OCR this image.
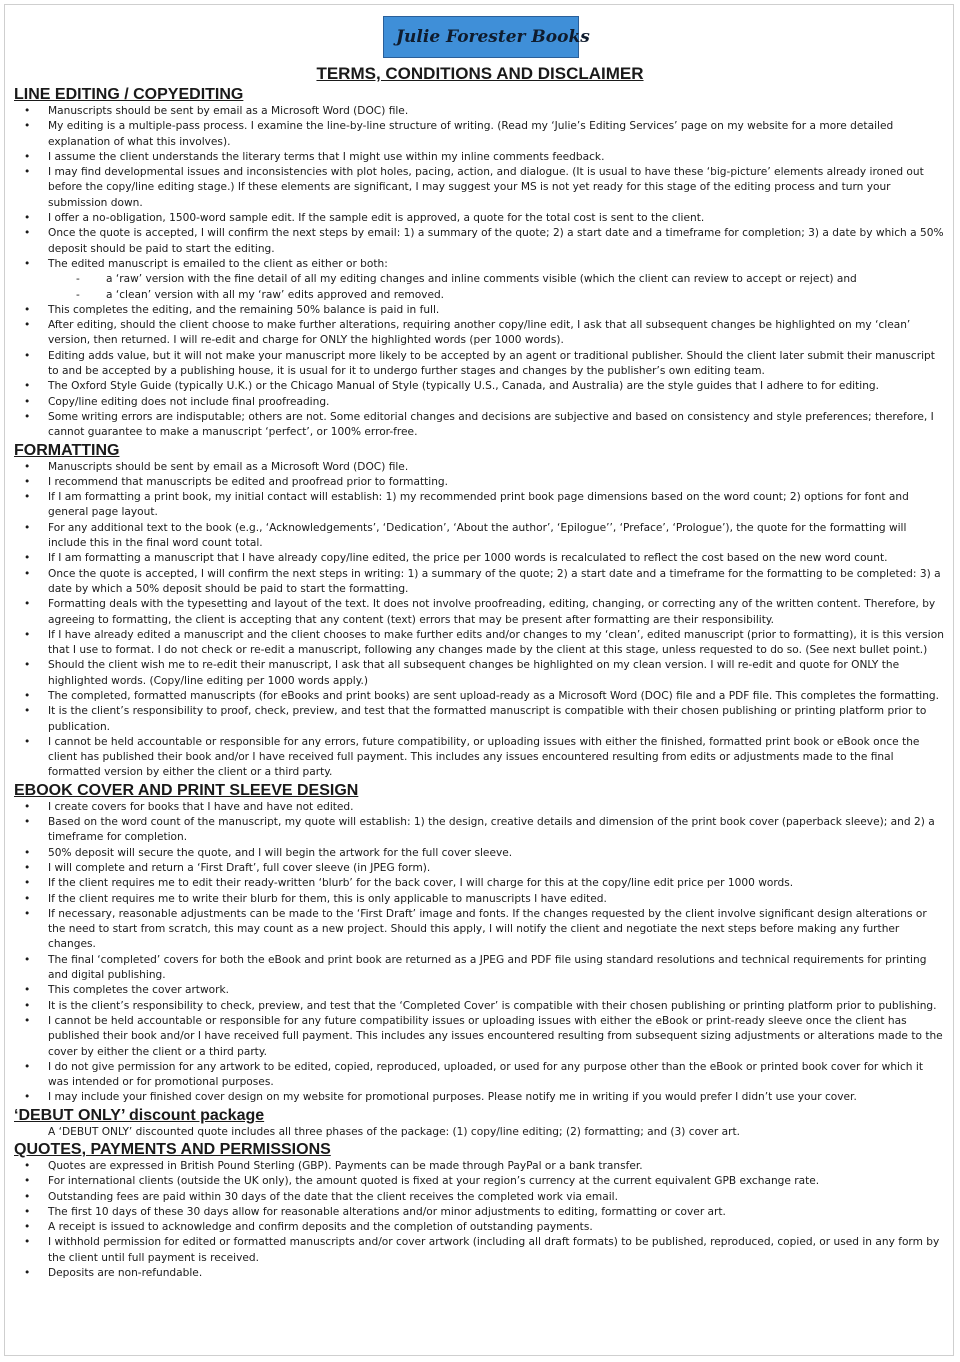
Julie Forester Books
TERMS, CONDITIONS AND DISCLAIMER
LINE EDITING / COPYEDITING
• Manuscripts should be sent by email as a Microsoft Word (DOC) file.
• My editing is a multiple-pass process. I examine the line-by-line structure of writing. (Read my ‘Julie’s Editing Services’ page on my website for a more detailed explanation of what this involves).
• I assume the client understands the literary terms that I might use within my inline comments feedback.
• I may find developmental issues and inconsistencies with plot holes, pacing, action, and dialogue. (It is usual to have these ‘big-picture’ elements already ironed out before the copy/line editing stage.) If these elements are significant, I may suggest your MS is not yet ready for this stage of the editing process and turn your submission down.
• I offer a no-obligation, 1500-word sample edit. If the sample edit is approved, a quote for the total cost is sent to the client.
• Once the quote is accepted, I will confirm the next steps by email: 1) a summary of the quote; 2) a start date and a timeframe for completion; 3) a date by which a 50% deposit should be paid to start the editing.
• The edited manuscript is emailed to the client as either or both:
- a ‘raw’ version with the fine detail of all my editing changes and inline comments visible (which the client can review to accept or reject) and
- a ‘clean’ version with all my ‘raw’ edits approved and removed.
• This completes the editing, and the remaining 50% balance is paid in full.
• After editing, should the client choose to make further alterations, requiring another copy/line edit, I ask that all subsequent changes be highlighted on my ‘clean’ version, then returned. I will re-edit and charge for ONLY the highlighted words (per 1000 words).
• Editing adds value, but it will not make your manuscript more likely to be accepted by an agent or traditional publisher. Should the client later submit their manuscript to and be accepted by a publishing house, it is usual for it to undergo further stages and changes by the publisher’s own editing team.
• The Oxford Style Guide (typically U.K.) or the Chicago Manual of Style (typically U.S., Canada, and Australia) are the style guides that I adhere to for editing.
• Copy/line editing does not include final proofreading.
• Some writing errors are indisputable; others are not. Some editorial changes and decisions are subjective and based on consistency and style preferences; therefore, I cannot guarantee to make a manuscript ‘perfect’, or 100% error-free.
FORMATTING
• Manuscripts should be sent by email as a Microsoft Word (DOC) file.
• I recommend that manuscripts be edited and proofread prior to formatting.
• If I am formatting a print book, my initial contact will establish: 1) my recommended print book page dimensions based on the word count; 2) options for font and general page layout.
• For any additional text to the book (e.g., ‘Acknowledgements’, ‘Dedication’, ‘About the author’, ‘Epilogue’’, ‘Preface’, ‘Prologue’), the quote for the formatting will include this in the final word count total.
• If I am formatting a manuscript that I have already copy/line edited, the price per 1000 words is recalculated to reflect the cost based on the new word count.
• Once the quote is accepted, I will confirm the next steps in writing: 1) a summary of the quote; 2) a start date and a timeframe for the formatting to be completed: 3) a date by which a 50% deposit should be paid to start the formatting.
• Formatting deals with the typesetting and layout of the text. It does not involve proofreading, editing, changing, or correcting any of the written content. Therefore, by agreeing to formatting, the client is accepting that any content (text) errors that may be present after formatting are their responsibility.
• If I have already edited a manuscript and the client chooses to make further edits and/or changes to my ‘clean’, edited manuscript (prior to formatting), it is this version that I use to format. I do not check or re-edit a manuscript, following any changes made by the client at this stage, unless requested to do so. (See next bullet point.)
• Should the client wish me to re-edit their manuscript, I ask that all subsequent changes be highlighted on my clean version. I will re-edit and quote for ONLY the highlighted words. (Copy/line editing per 1000 words apply.)
• The completed, formatted manuscripts (for eBooks and print books) are sent upload-ready as a Microsoft Word (DOC) file and a PDF file. This completes the formatting.
• It is the client’s responsibility to proof, check, preview, and test that the formatted manuscript is compatible with their chosen publishing or printing platform prior to publication.
• I cannot be held accountable or responsible for any errors, future compatibility, or uploading issues with either the finished, formatted print book or eBook once the client has published their book and/or I have received full payment. This includes any issues encountered resulting from edits or adjustments made to the final formatted version by either the client or a third party.
EBOOK COVER AND PRINT SLEEVE DESIGN
• I create covers for books that I have and have not edited.
• Based on the word count of the manuscript, my quote will establish: 1) the design, creative details and dimension of the print book cover (paperback sleeve); and 2) a timeframe for completion.
• 50% deposit will secure the quote, and I will begin the artwork for the full cover sleeve.
• I will complete and return a ‘First Draft’, full cover sleeve (in JPEG form).
• If the client requires me to edit their ready-written ‘blurb’ for the back cover, I will charge for this at the copy/line edit price per 1000 words.
• If the client requires me to write their blurb for them, this is only applicable to manuscripts I have edited.
• If necessary, reasonable adjustments can be made to the ‘First Draft’ image and fonts. If the changes requested by the client involve significant design alterations or the need to start from scratch, this may count as a new project. Should this apply, I will notify the client and negotiate the next steps before making any further changes.
• The final ‘completed’ covers for both the eBook and print book are returned as a JPEG and PDF file using standard resolutions and technical requirements for printing and digital publishing.
• This completes the cover artwork.
• It is the client’s responsibility to check, preview, and test that the ‘Completed Cover’ is compatible with their chosen publishing or printing platform prior to publishing.
• I cannot be held accountable or responsible for any future compatibility issues or uploading issues with either the eBook or print-ready sleeve once the client has published their book and/or I have received full payment. This includes any issues encountered resulting from subsequent sizing adjustments or alterations made to the cover by either the client or a third party.
• I do not give permission for any artwork to be edited, copied, reproduced, uploaded, or used for any purpose other than the eBook or printed book cover for which it was intended or for promotional purposes.
• I may include your finished cover design on my website for promotional purposes. Please notify me in writing if you would prefer I didn’t use your cover.
‘DEBUT ONLY’ discount package

A ‘DEBUT ONLY’ discounted quote includes all three phases of the package: (1) copy/line editing; (2) formatting; and (3) cover art.

QUOTES, PAYMENTS AND PERMISSIONS
• Quotes are expressed in British Pound Sterling (GBP). Payments can be made through PayPal or a bank transfer.
• For international clients (outside the UK only), the amount quoted is fixed at your region’s currency at the current equivalent GPB exchange rate.
• Outstanding fees are paid within 30 days of the date that the client receives the completed work via email.
• The first 10 days of these 30 days allow for reasonable alterations and/or minor adjustments to editing, formatting or cover art.
• A receipt is issued to acknowledge and confirm deposits and the completion of outstanding payments.
• I withhold permission for edited or formatted manuscripts and/or cover artwork (including all draft formats) to be published, reproduced, copied, or used in any form by the client until full payment is received.
• Deposits are non-refundable.
